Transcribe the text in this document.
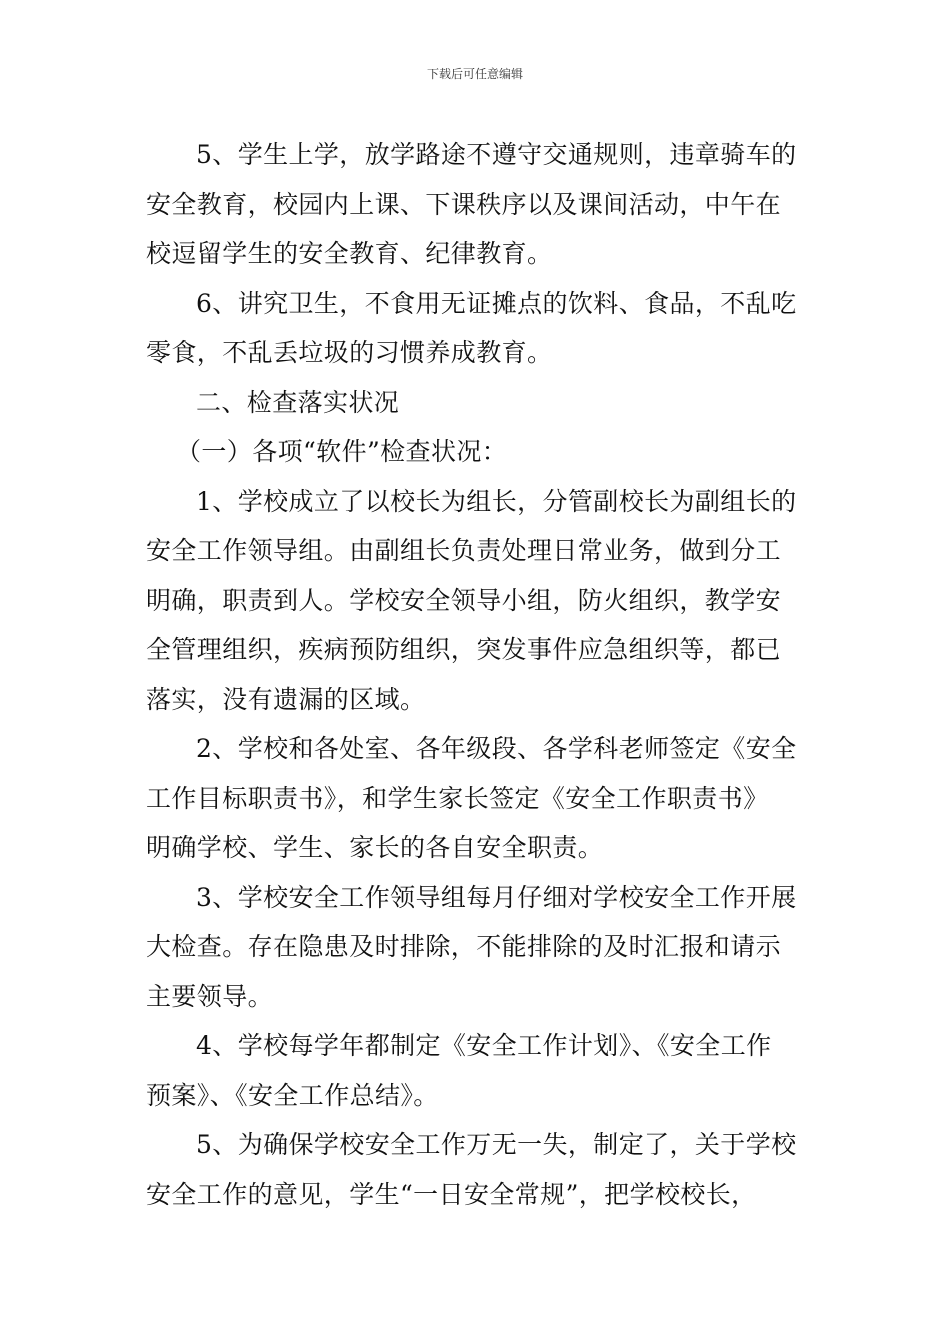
下载后可任意编辑
5、学生上学，放学路途不遵守交通规则，违章骑车的
安全教育，校园内上课、下课秩序以及课间活动，中午在
校逗留学生的安全教育、纪律教育。
6、讲究卫生，不食用无证摊点的饮料、食品，不乱吃
零食，不乱丢垃圾的习惯养成教育。
二、检查落实状况
（一）各项“软件”检查状况：
1、学校成立了以校长为组长，分管副校长为副组长的
安全工作领导组。由副组长负责处理日常业务，做到分工
明确，职责到人。学校安全领导小组，防火组织，教学安
全管理组织，疾病预防组织，突发事件应急组织等，都已
落实，没有遗漏的区域。
2、学校和各处室、各年级段、各学科老师签定《安全
工作目标职责书》，和学生家长签定《安全工作职责书》
明确学校、学生、家长的各自安全职责。
3、学校安全工作领导组每月仔细对学校安全工作开展
大检查。存在隐患及时排除，不能排除的及时汇报和请示
主要领导。
4、学校每学年都制定《安全工作计划》、《安全工作
预案》、《安全工作总结》。
5、为确保学校安全工作万无一失，制定了，关于学校
安全工作的意见，学生“一日安全常规”，把学校校长，
